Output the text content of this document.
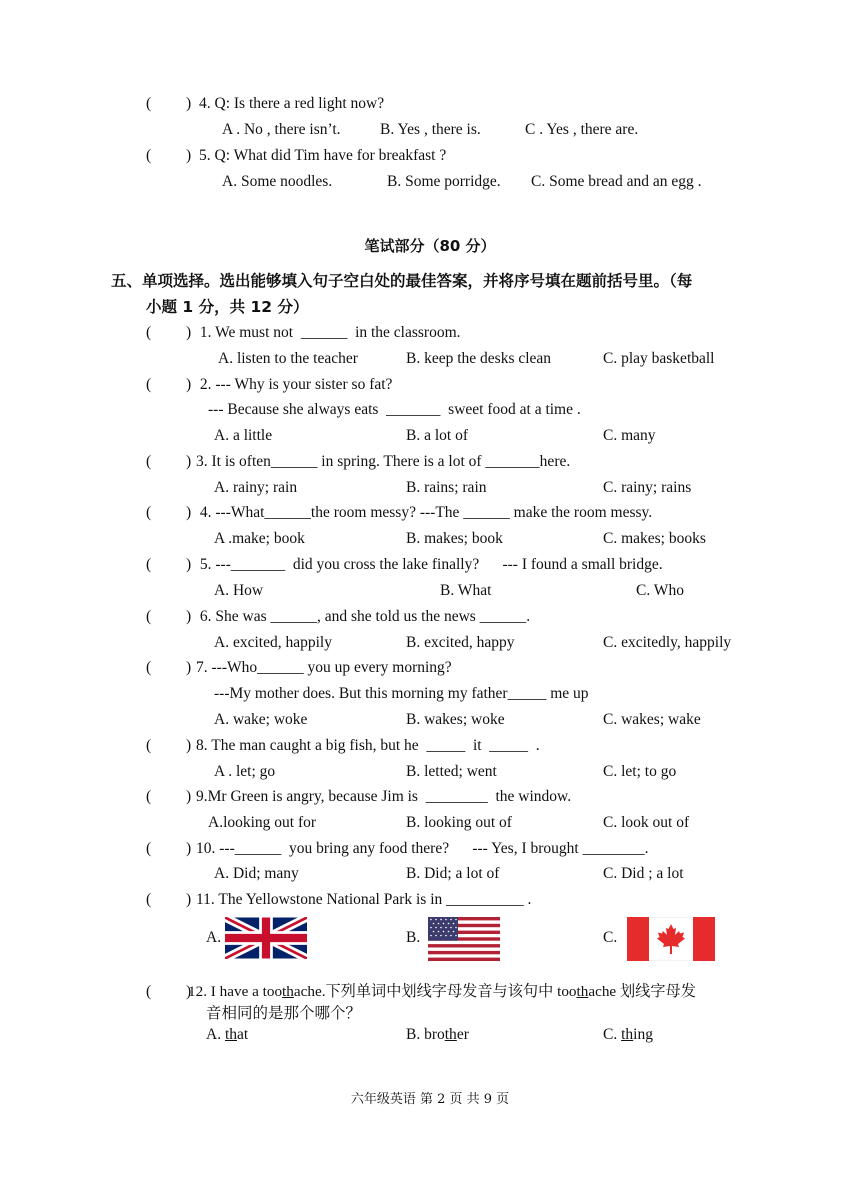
(         ) 4. Q: Is there a red light now?
A . No , there isn’t.	B. Yes , there is.	C . Yes , there are.
(         ) 5. Q: What did Tim have for breakfast ?
A. Some noodles.	B. Some porridge. C. Some bread and an egg .
笔试部分（80 分）
五、单项选择。选出能够填入句子空白处的最佳答案，并将序号填在题前括号里。（每
小题 1 分，共 12 分）
(         ) 1. We must not  ______  in the classroom.
A. listen to the teacher	B. keep the desks clean	C. play basketball
(         ) 2. --- Why is your sister so fat?
--- Because she always eats  _______  sweet food at a time .
A. a little	B. a lot of	C. many
(         ) 3. It is often______ in spring. There is a lot of _______here.
A. rainy; rain	B. rains; rain	C. rainy; rains
(         ) 4. ---What______the room messy? ---The ______ make the room messy.
A .make; book	B. makes; book	C. makes; books
(         ) 5. ---_______  did you cross the lake finally?      --- I found a small bridge.
A. How	B. What	C. Who
(         ) 6. She was ______, and she told us the news ______.
A. excited, happily	B. excited, happy	C. excitedly, happily
(         ) 7. ---Who______ you up every morning?
---My mother does. But this morning my father_____ me up
A. wake; woke	B. wakes; woke	C. wakes; wake
(         ) 8. The man caught a big fish, but he  _____  it  _____  .
A . let; go	B. letted; went	C. let; to go
(         ) 9.Mr Green is angry, because Jim is  ________  the window.
A.looking out for	B. looking out of	C. look out of
(         ) 10. ---______  you bring any food there?      --- Yes, I brought ________.
A. Did; many	B. Did; a lot of	C. Did ; a lot
(         ) 11. The Yellowstone National Park is in __________ .
A.	B.	C.
(         )
12. I have a toothache.下列单词中划线字母发音与该句中 toothache 划线字母发
音相同的是那个哪个？
A. that	B. brother	C. thing
六年级英语 第 2 页 共 9 页
